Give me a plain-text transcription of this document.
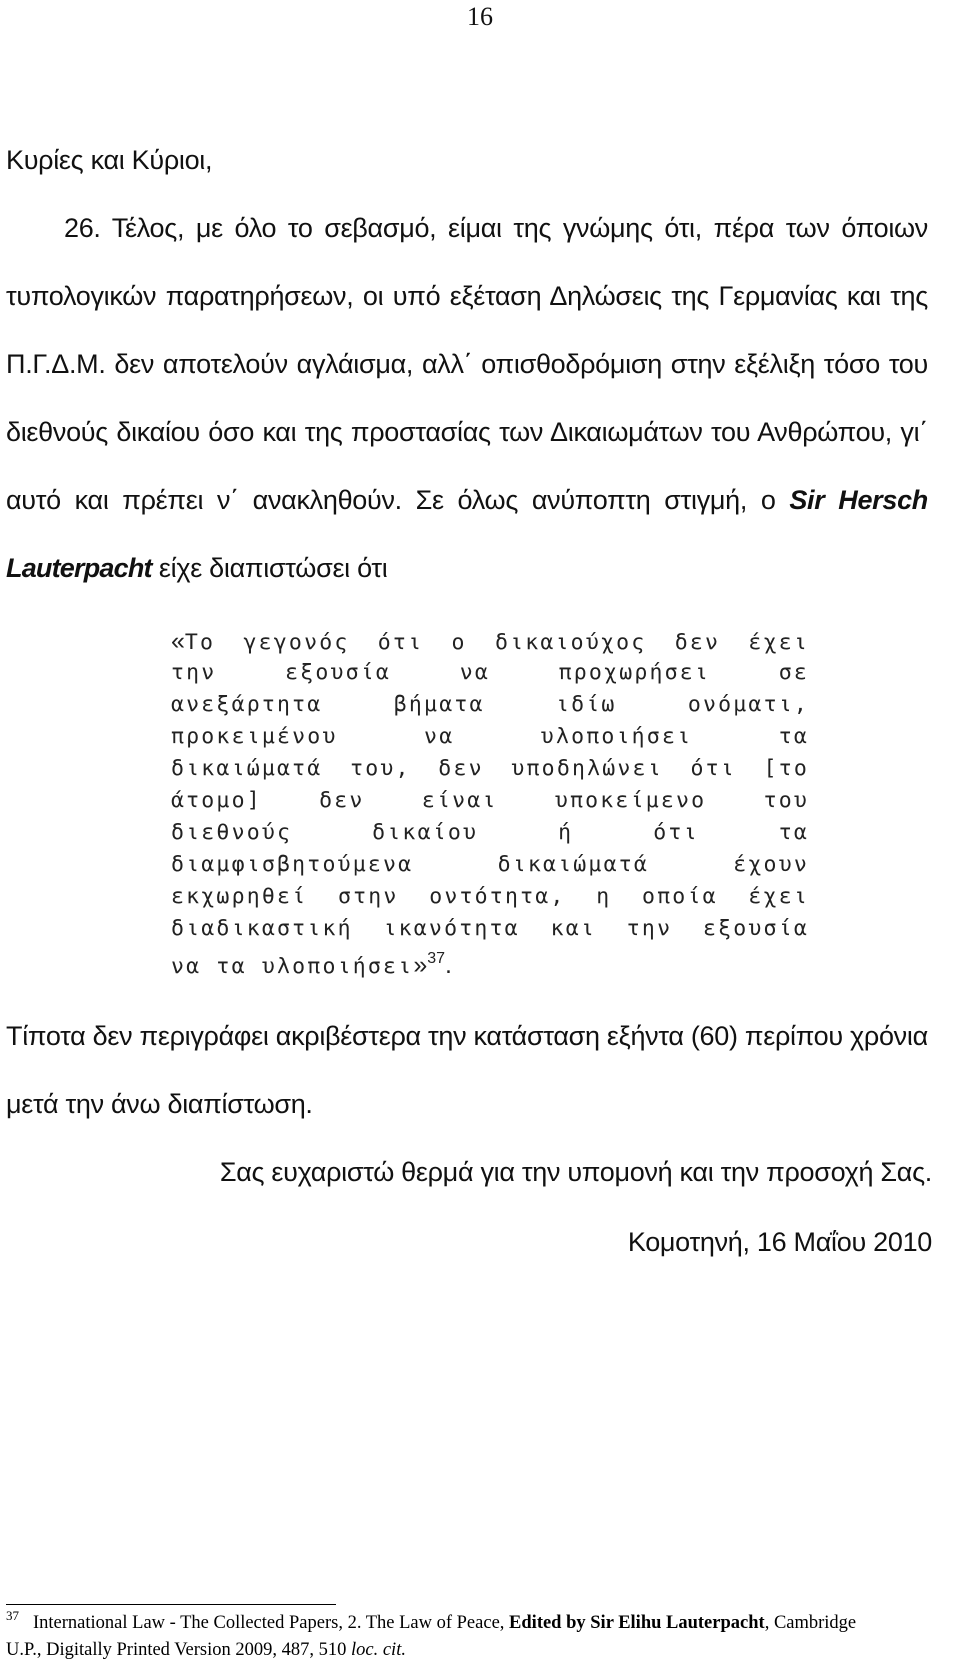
16
Κυρίες και Κύριοι,
26. Τέλος, με όλο το σεβασμό, είμαι της γνώμης ότι, πέρα των όποιων
τυπολογικών παρατηρήσεων, οι υπό εξέταση Δηλώσεις της Γερμανίας και της
Π.Γ.Δ.Μ. δεν αποτελούν αγλάισμα, αλλ΄ οπισθοδρόμιση στην εξέλιξη τόσο του
διεθνούς δικαίου όσο και της προστασίας των Δικαιωμάτων του Ανθρώπου, γι΄
αυτό και πρέπει ν΄ ανακληθούν. Σε όλως ανύποπτη στιγμή, ο Sir Hersch
Lauterpacht είχε διαπιστώσει ότι
«Το γεγονός ότι ο δικαιούχος δεν έχει
την εξουσία να προχωρήσει σε
ανεξάρτητα βήματα ιδίω ονόματι,
προκειμένου να υλοποιήσει τα
δικαιώματά του, δεν υποδηλώνει ότι [το
άτομο] δεν είναι υποκείμενο του
διεθνούς δικαίου ή ότι τα
διαμφισβητούμενα δικαιώματά έχουν
εκχωρηθεί στην οντότητα, η οποία έχει
διαδικαστική ικανότητα και την εξουσία
να τα υλοποιήσει»$^{37}$.
Τίποτα δεν περιγράφει ακριβέστερα την κατάσταση εξήντα (60) περίπου χρόνια
μετά την άνω διαπίστωση.
Σας ευχαριστώ θερμά για την υπομονή και την προσοχή Σας.
Κομοτηνή, 16 Μαΐου 2010
$^{37}$ International Law - The Collected Papers, 2. The Law of Peace, Edited by Sir Elihu Lauterpacht, Cambridge
U.P., Digitally Printed Version 2009, 487, 510 loc. cit.
